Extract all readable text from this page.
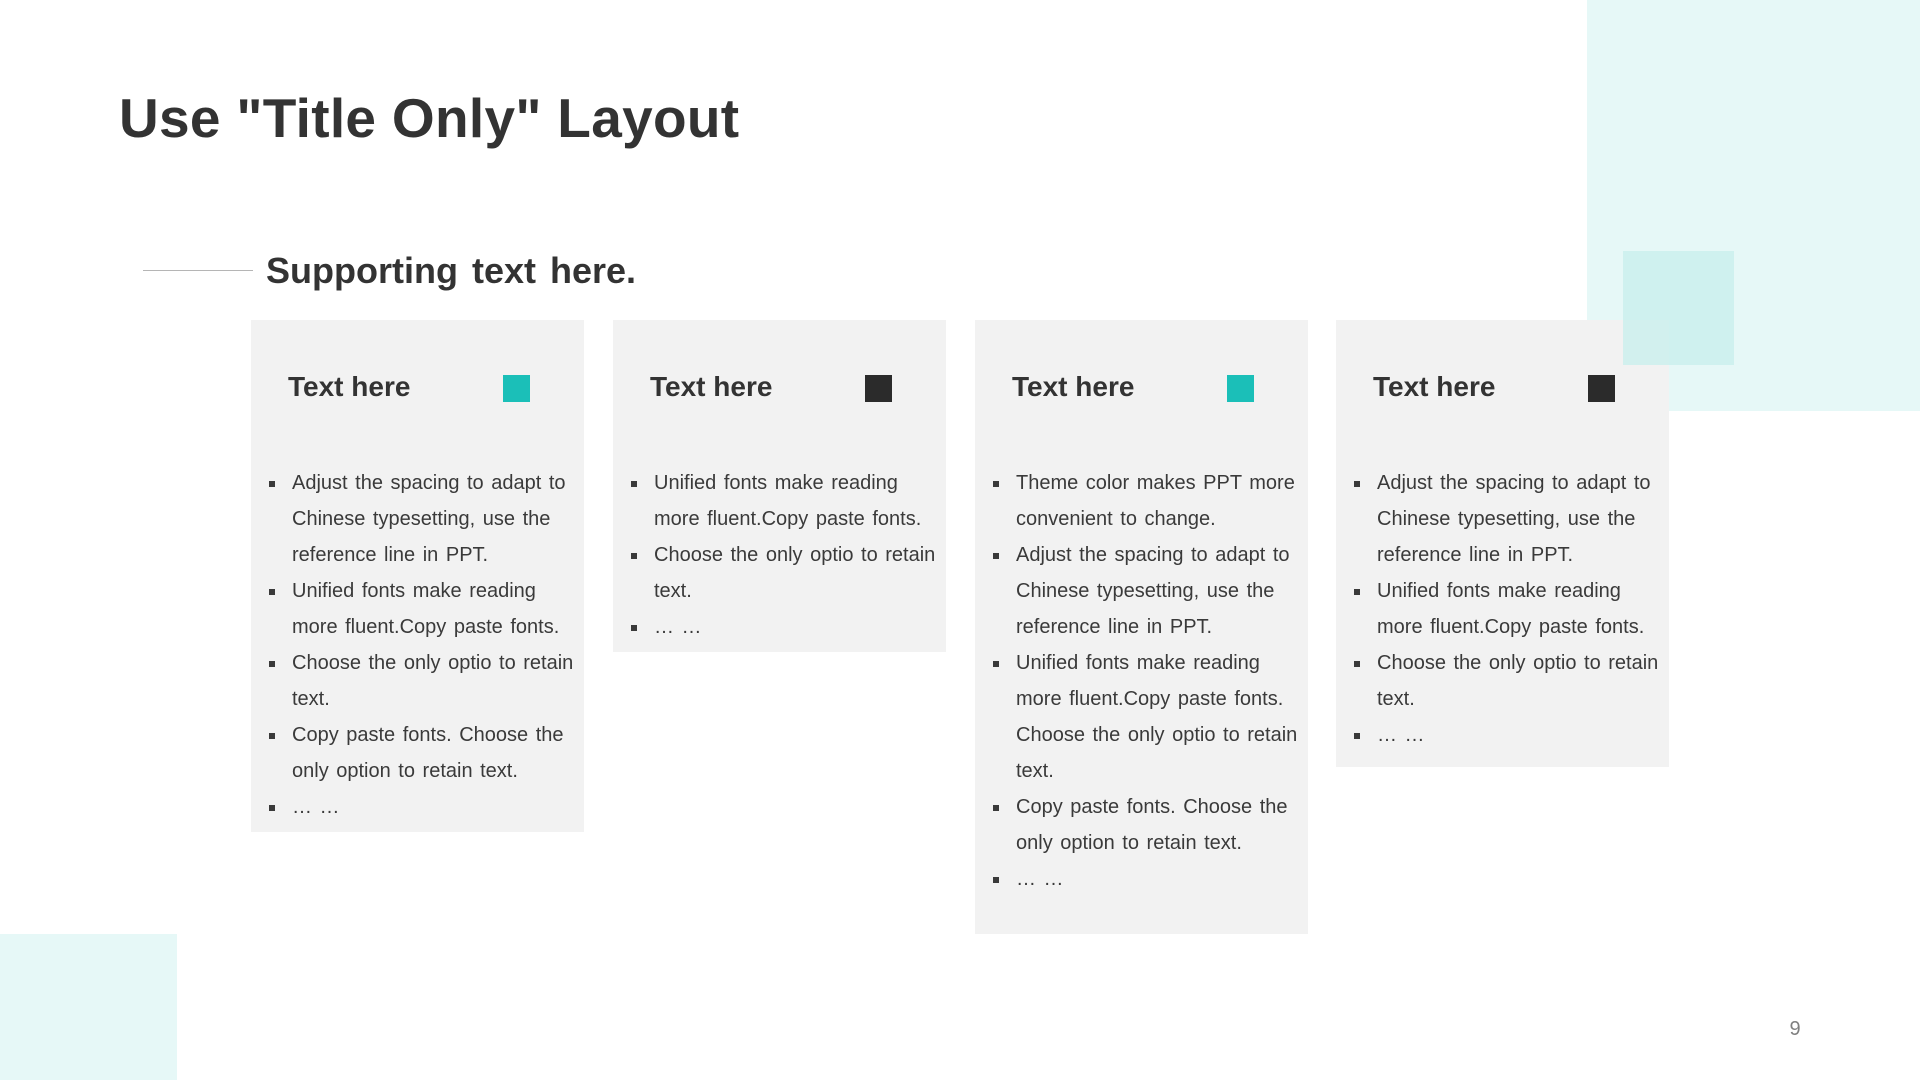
Use "Title Only" Layout
Supporting text here.
Text here
Adjust the spacing to adapt to Chinese typesetting, use the reference line in PPT.
Unified fonts make reading more fluent.Copy paste fonts.
Choose the only optio to retain text.
Copy paste fonts. Choose the only option to retain text.
… …
Text here
Unified fonts make reading more fluent.Copy paste fonts.
Choose the only optio to retain text.
… …
Text here
Theme color makes PPT more convenient to change.
Adjust the spacing to adapt to Chinese typesetting, use the reference line in PPT.
Unified fonts make reading more fluent.Copy paste fonts.
Choose the only optio to retain text.
Copy paste fonts. Choose the only option to retain text.
… …
Text here
Adjust the spacing to adapt to Chinese typesetting, use the reference line in PPT.
Unified fonts make reading more fluent.Copy paste fonts.
Choose the only optio to retain text.
… …
9
